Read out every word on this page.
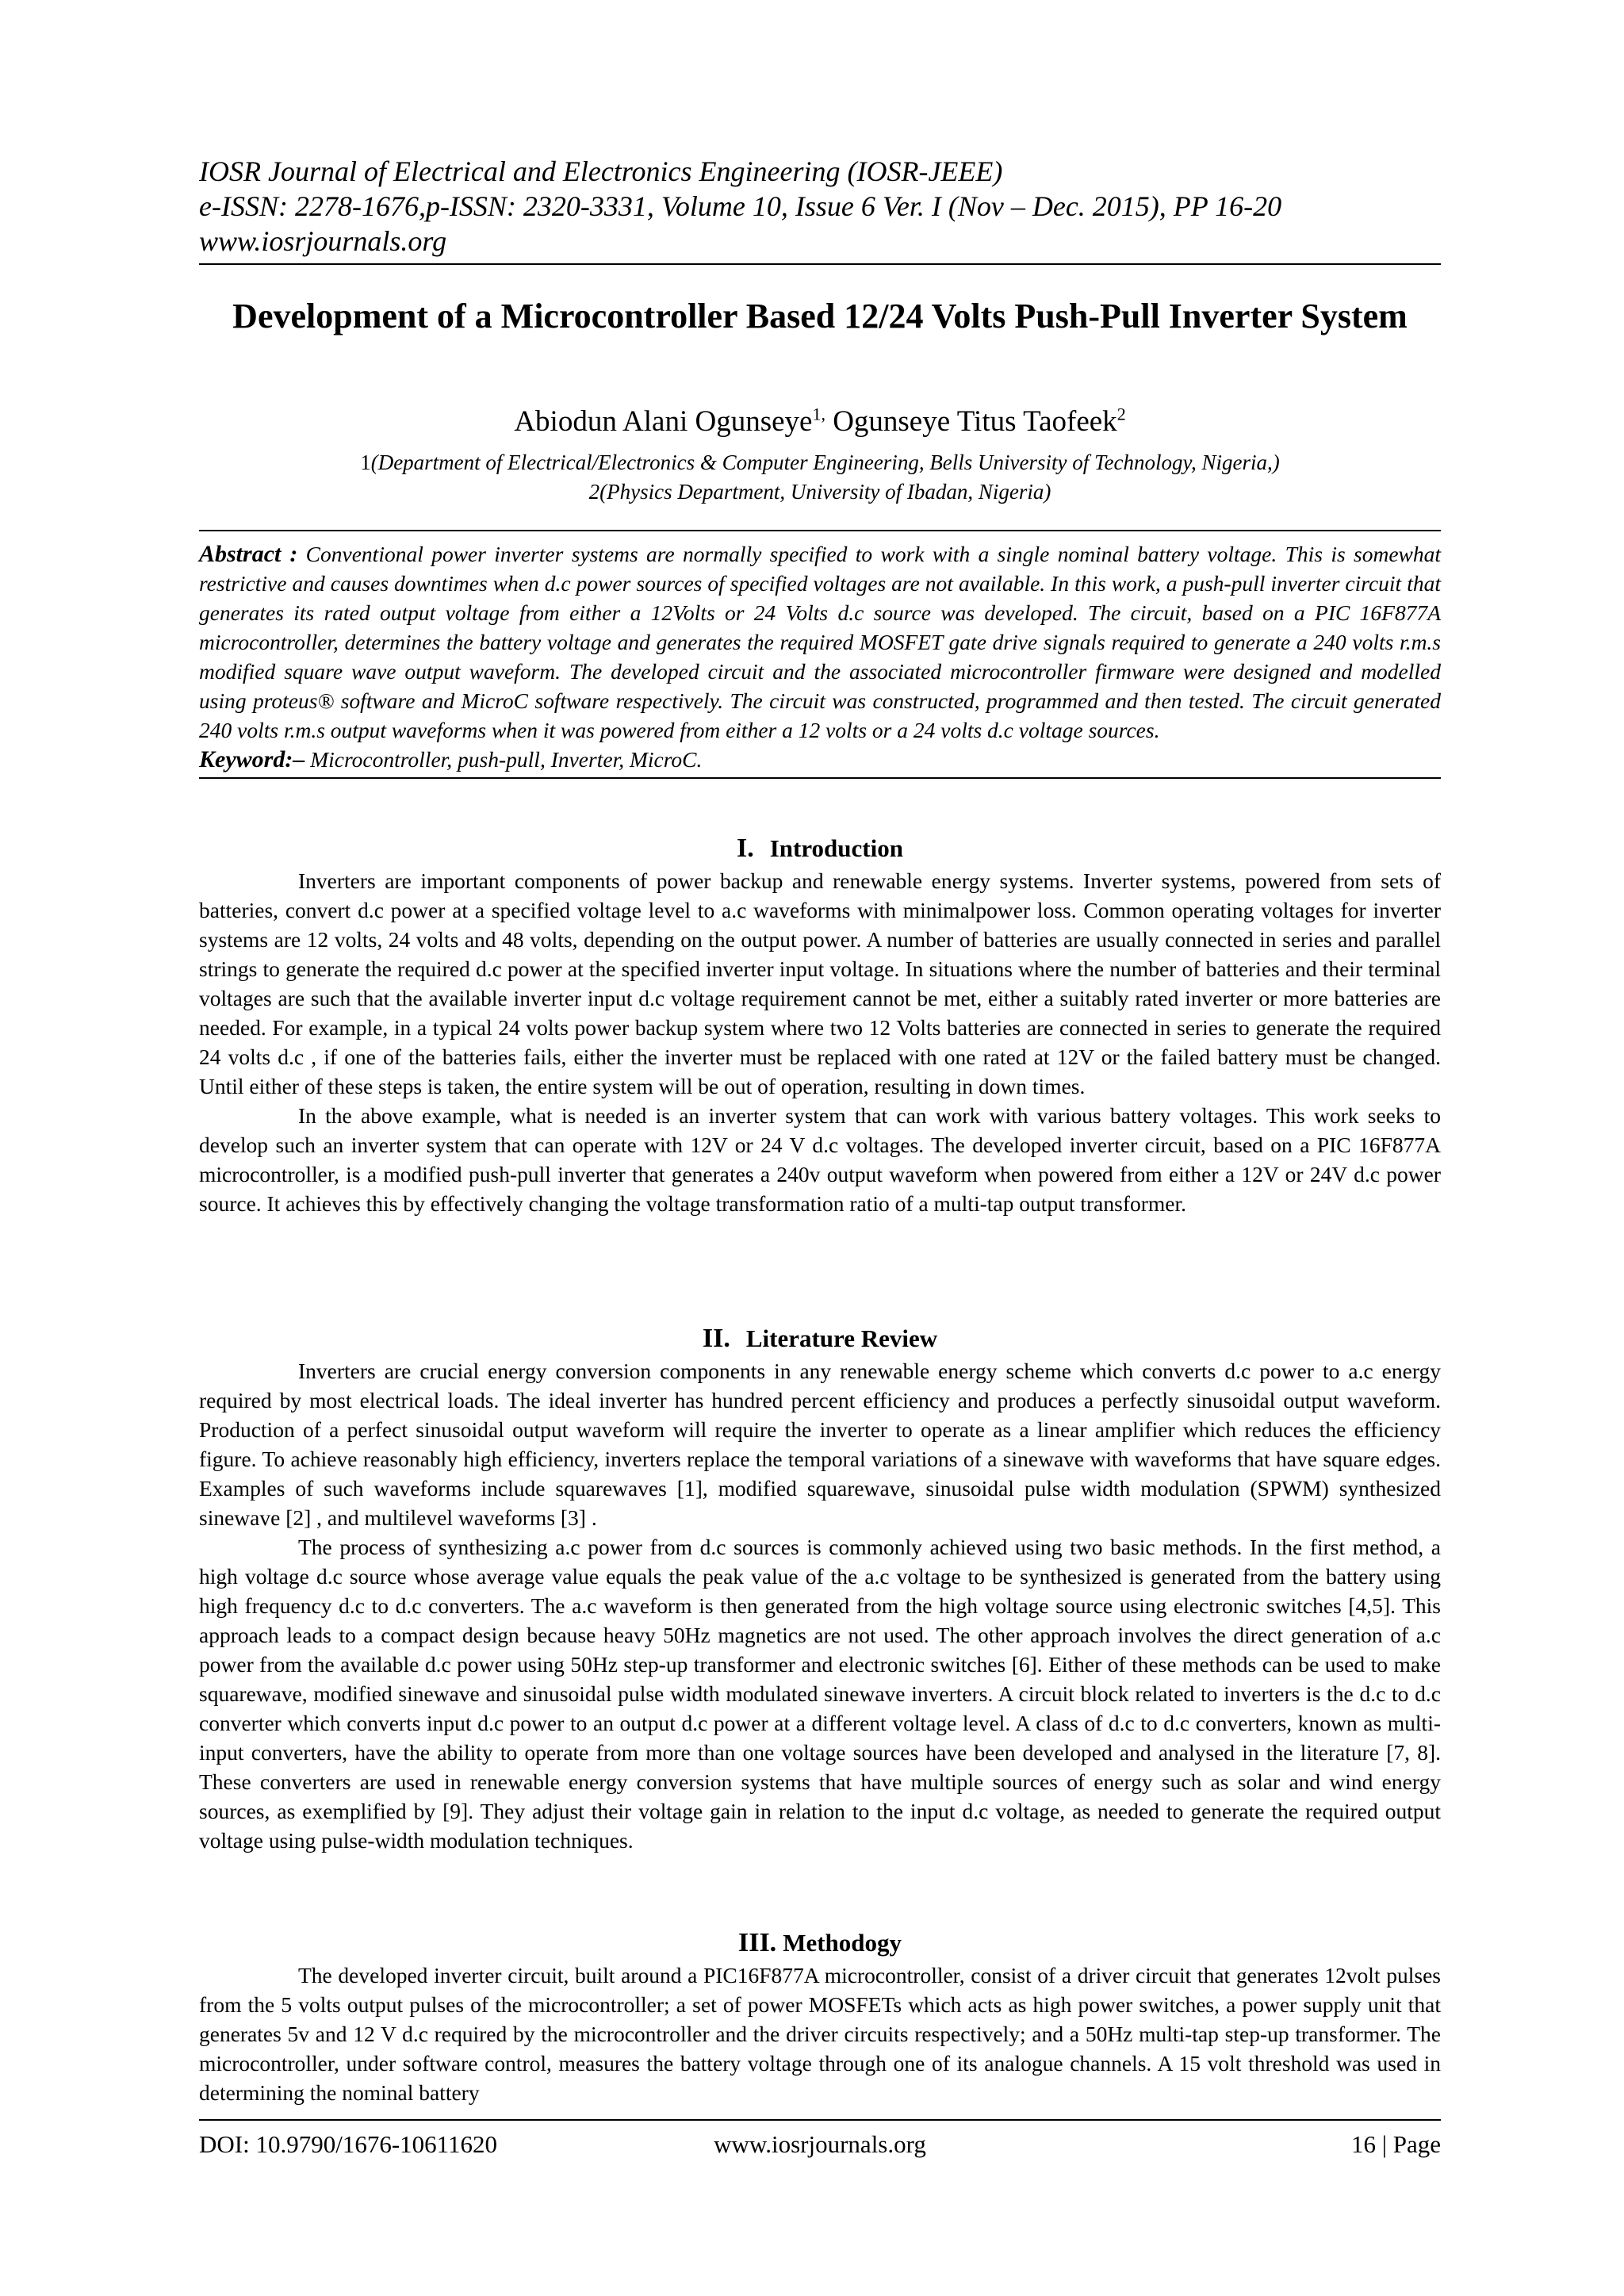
IOSR Journal of Electrical and Electronics Engineering (IOSR-JEEE)
e-ISSN: 2278-1676,p-ISSN: 2320-3331, Volume 10, Issue 6 Ver. I (Nov – Dec. 2015), PP 16-20
www.iosrjournals.org
Development of a Microcontroller Based 12/24 Volts Push-Pull Inverter System
Abiodun Alani Ogunseye$^{1,}$ Ogunseye Titus Taofeek$^2$
1(Department of Electrical/Electronics & Computer Engineering, Bells University of Technology, Nigeria,)
2(Physics Department, University of Ibadan, Nigeria)

Abstract : Conventional power inverter systems are normally specified to work with a single nominal battery voltage. This is somewhat restrictive and causes downtimes when d.c power sources of specified voltages are not available. In this work, a push-pull inverter circuit that generates its rated output voltage from either a 12Volts or 24 Volts d.c source was developed. The circuit, based on a PIC 16F877A microcontroller, determines the battery voltage and generates the required MOSFET gate drive signals required to generate a 240 volts r.m.s modified square wave output waveform. The developed circuit and the associated microcontroller firmware were designed and modelled using proteus® software and MicroC software respectively. The circuit was constructed, programmed and then tested. The circuit generated 240 volts r.m.s output waveforms when it was powered from either a 12 volts or a 24 volts d.c voltage sources.

Keyword:– Microcontroller, push-pull, Inverter, MicroC.

I. Introduction

Inverters are important components of power backup and renewable energy systems. Inverter systems, powered from sets of batteries, convert d.c power at a specified voltage level to a.c waveforms with minimalpower loss. Common operating voltages for inverter systems are 12 volts, 24 volts and 48 volts, depending on the output power. A number of batteries are usually connected in series and parallel strings to generate the required d.c power at the specified inverter input voltage. In situations where the number of batteries and their terminal voltages are such that the available inverter input d.c voltage requirement cannot be met, either a suitably rated inverter or more batteries are needed. For example, in a typical 24 volts power backup system where two 12 Volts batteries are connected in series to generate the required 24 volts d.c , if one of the batteries fails, either the inverter must be replaced with one rated at 12V or the failed battery must be changed. Until either of these steps is taken, the entire system will be out of operation, resulting in down times.

In the above example, what is needed is an inverter system that can work with various battery voltages. This work seeks to develop such an inverter system that can operate with 12V or 24 V d.c voltages. The developed inverter circuit, based on a PIC 16F877A microcontroller, is a modified push-pull inverter that generates a 240v output waveform when powered from either a 12V or 24V d.c power source. It achieves this by effectively changing the voltage transformation ratio of a multi-tap output transformer.

II. Literature Review

Inverters are crucial energy conversion components in any renewable energy scheme which converts d.c power to a.c energy required by most electrical loads. The ideal inverter has hundred percent efficiency and produces a perfectly sinusoidal output waveform. Production of a perfect sinusoidal output waveform will require the inverter to operate as a linear amplifier which reduces the efficiency figure. To achieve reasonably high efficiency, inverters replace the temporal variations of a sinewave with waveforms that have square edges. Examples of such waveforms include squarewaves [1], modified squarewave, sinusoidal pulse width modulation (SPWM) synthesized sinewave [2] , and multilevel waveforms [3] .

The process of synthesizing a.c power from d.c sources is commonly achieved using two basic methods. In the first method, a high voltage d.c source whose average value equals the peak value of the a.c voltage to be synthesized is generated from the battery using high frequency d.c to d.c converters. The a.c waveform is then generated from the high voltage source using electronic switches [4,5]. This approach leads to a compact design because heavy 50Hz magnetics are not used. The other approach involves the direct generation of a.c power from the available d.c power using 50Hz step-up transformer and electronic switches [6]. Either of these methods can be used to make squarewave, modified sinewave and sinusoidal pulse width modulated sinewave inverters. A circuit block related to inverters is the d.c to d.c converter which converts input d.c power to an output d.c power at a different voltage level. A class of d.c to d.c converters, known as multi-input converters, have the ability to operate from more than one voltage sources have been developed and analysed in the literature [7, 8]. These converters are used in renewable energy conversion systems that have multiple sources of energy such as solar and wind energy sources, as exemplified by [9]. They adjust their voltage gain in relation to the input d.c voltage, as needed to generate the required output voltage using pulse-width modulation techniques.

III. Methodogy

The developed inverter circuit, built around a PIC16F877A microcontroller, consist of a driver circuit that generates 12volt pulses from the 5 volts output pulses of the microcontroller; a set of power MOSFETs which acts as high power switches, a power supply unit that generates 5v and 12 V d.c required by the microcontroller and the driver circuits respectively; and a 50Hz multi-tap step-up transformer. The microcontroller, under software control, measures the battery voltage through one of its analogue channels. A 15 volt threshold was used in determining the nominal battery

DOI: 10.9790/1676-10611620	www.iosrjournals.org	16 | Page
